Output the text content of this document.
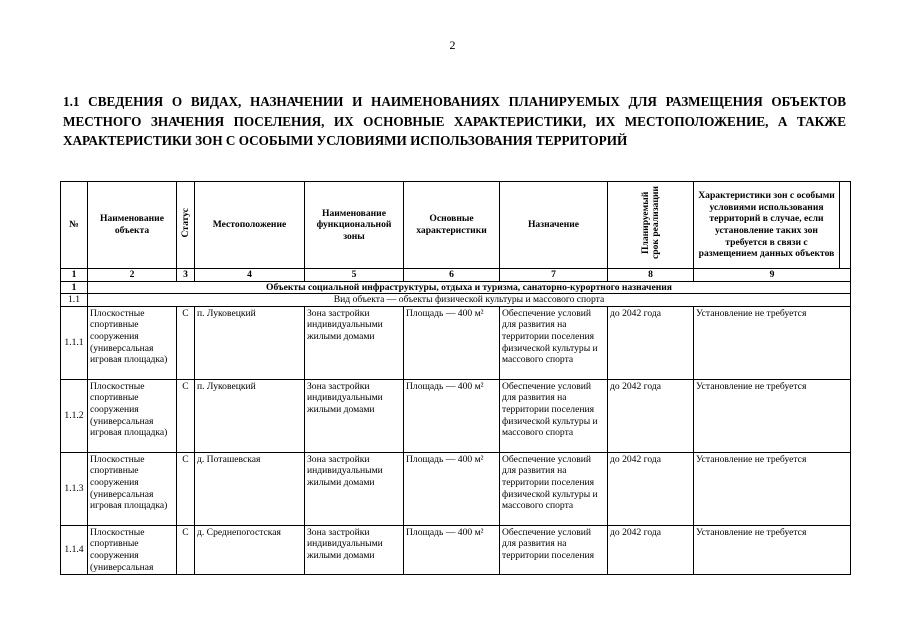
2
1.1 СВЕДЕНИЯ О ВИДАХ, НАЗНАЧЕНИИ И НАИМЕНОВАНИЯХ ПЛАНИРУЕМЫХ ДЛЯ РАЗМЕЩЕНИЯ ОБЪЕКТОВ МЕСТНОГО ЗНАЧЕНИЯ ПОСЕЛЕНИЯ, ИХ ОСНОВНЫЕ ХАРАКТЕРИСТИКИ, ИХ МЕСТОПОЛОЖЕНИЕ, А ТАКЖЕ ХАРАКТЕРИСТИКИ ЗОН С ОСОБЫМИ УСЛОВИЯМИ ИСПОЛЬЗОВАНИЯ ТЕРРИТОРИЙ
№	Наименование объекта	Статус	Местоположение	Наименование функциональной зоны	Основные характеристики	Назначение	Планируемый срок реализации	Характеристики зон с особыми условиями использования территорий в случае, если установление таких зон требуется в связи с размещением данных объектов	
1	2	3	4	5	6	7	8	9	
1	Объекты социальной инфраструктуры, отдыха и туризма, санаторно-курортного назначения								
1.1	Вид объекта — объекты физической культуры и массового спорта								
1.1.1	Плоскостные спортивные сооружения (универсальная игровая площадка)	С	п. Луковецкий	Зона застройки индивидуальными жилыми домами	Площадь — 400 м²	Обеспечение условий для развития на территории поселения физической культуры и массового спорта	до 2042 года	Установление не требуется	
1.1.2	Плоскостные спортивные сооружения (универсальная игровая площадка)	С	п. Луковецкий	Зона застройки индивидуальными жилыми домами	Площадь — 400 м²	Обеспечение условий для развития на территории поселения физической культуры и массового спорта	до 2042 года	Установление не требуется	
1.1.3	Плоскостные спортивные сооружения (универсальная игровая площадка)	С	д. Поташевская	Зона застройки индивидуальными жилыми домами	Площадь — 400 м²	Обеспечение условий для развития на территории поселения физической культуры и массового спорта	до 2042 года	Установление не требуется	
1.1.4	Плоскостные спортивные сооружения (универсальная	С	д. Среднепогостская	Зона застройки индивидуальными жилыми домами	Площадь — 400 м²	Обеспечение условий для развития на территории поселения	до 2042 года	Установление не требуется	
